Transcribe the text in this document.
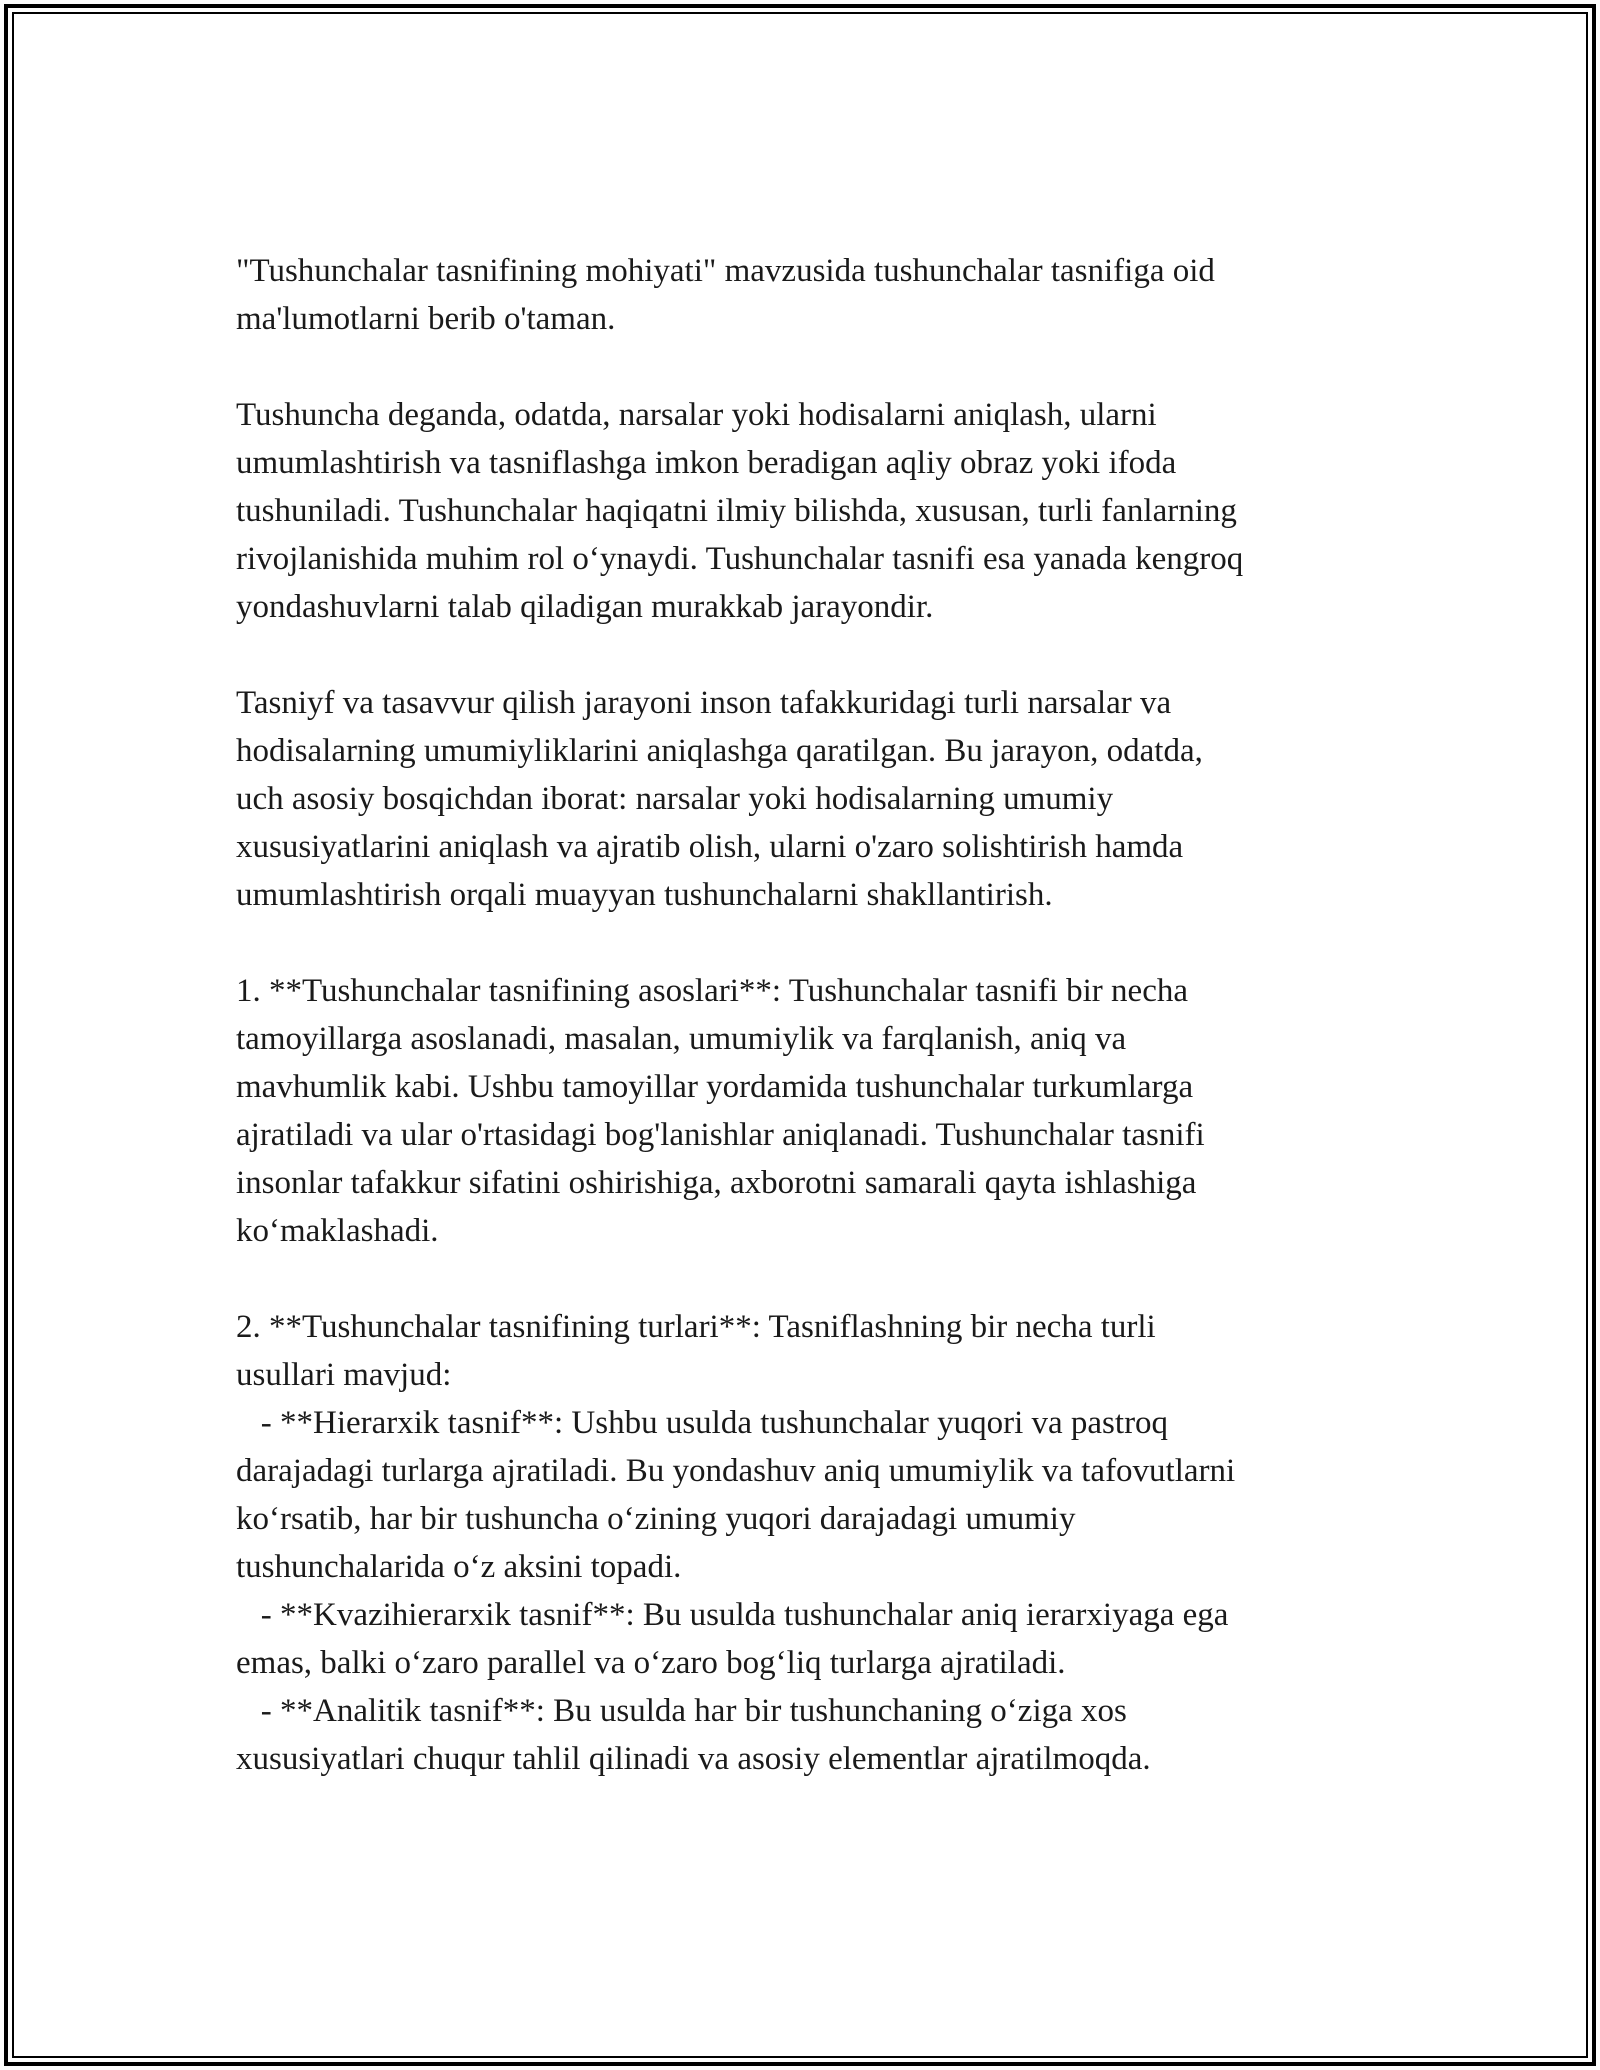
"Tushunchalar tasnifining mohiyati" mavzusida tushunchalar tasnifiga oid
ma'lumotlarni berib o'taman.

Tushuncha deganda, odatda, narsalar yoki hodisalarni aniqlash, ularni
umumlashtirish va tasniflashga imkon beradigan aqliy obraz yoki ifoda
tushuniladi. Tushunchalar haqiqatni ilmiy bilishda, xususan, turli fanlarning
rivojlanishida muhim rol o‘ynaydi. Tushunchalar tasnifi esa yanada kengroq
yondashuvlarni talab qiladigan murakkab jarayondir.

Tasniyf va tasavvur qilish jarayoni inson tafakkuridagi turli narsalar va
hodisalarning umumiyliklarini aniqlashga qaratilgan. Bu jarayon, odatda,
uch asosiy bosqichdan iborat: narsalar yoki hodisalarning umumiy
xususiyatlarini aniqlash va ajratib olish, ularni o'zaro solishtirish hamda
umumlashtirish orqali muayyan tushunchalarni shakllantirish.

1. **Tushunchalar tasnifining asoslari**: Tushunchalar tasnifi bir necha
tamoyillarga asoslanadi, masalan, umumiylik va farqlanish, aniq va
mavhumlik kabi. Ushbu tamoyillar yordamida tushunchalar turkumlarga
ajratiladi va ular o'rtasidagi bog'lanishlar aniqlanadi. Tushunchalar tasnifi
insonlar tafakkur sifatini oshirishiga, axborotni samarali qayta ishlashiga
ko‘maklashadi.

2. **Tushunchalar tasnifining turlari**: Tasniflashning bir necha turli
usullari mavjud:
- **Hierarxik tasnif**: Ushbu usulda tushunchalar yuqori va pastroq
darajadagi turlarga ajratiladi. Bu yondashuv aniq umumiylik va tafovutlarni
ko‘rsatib, har bir tushuncha o‘zining yuqori darajadagi umumiy
tushunchalarida o‘z aksini topadi.
- **Kvazihierarxik tasnif**: Bu usulda tushunchalar aniq ierarxiyaga ega
emas, balki o‘zaro parallel va o‘zaro bog‘liq turlarga ajratiladi.
- **Analitik tasnif**: Bu usulda har bir tushunchaning o‘ziga xos
xususiyatlari chuqur tahlil qilinadi va asosiy elementlar ajratilmoqda.
